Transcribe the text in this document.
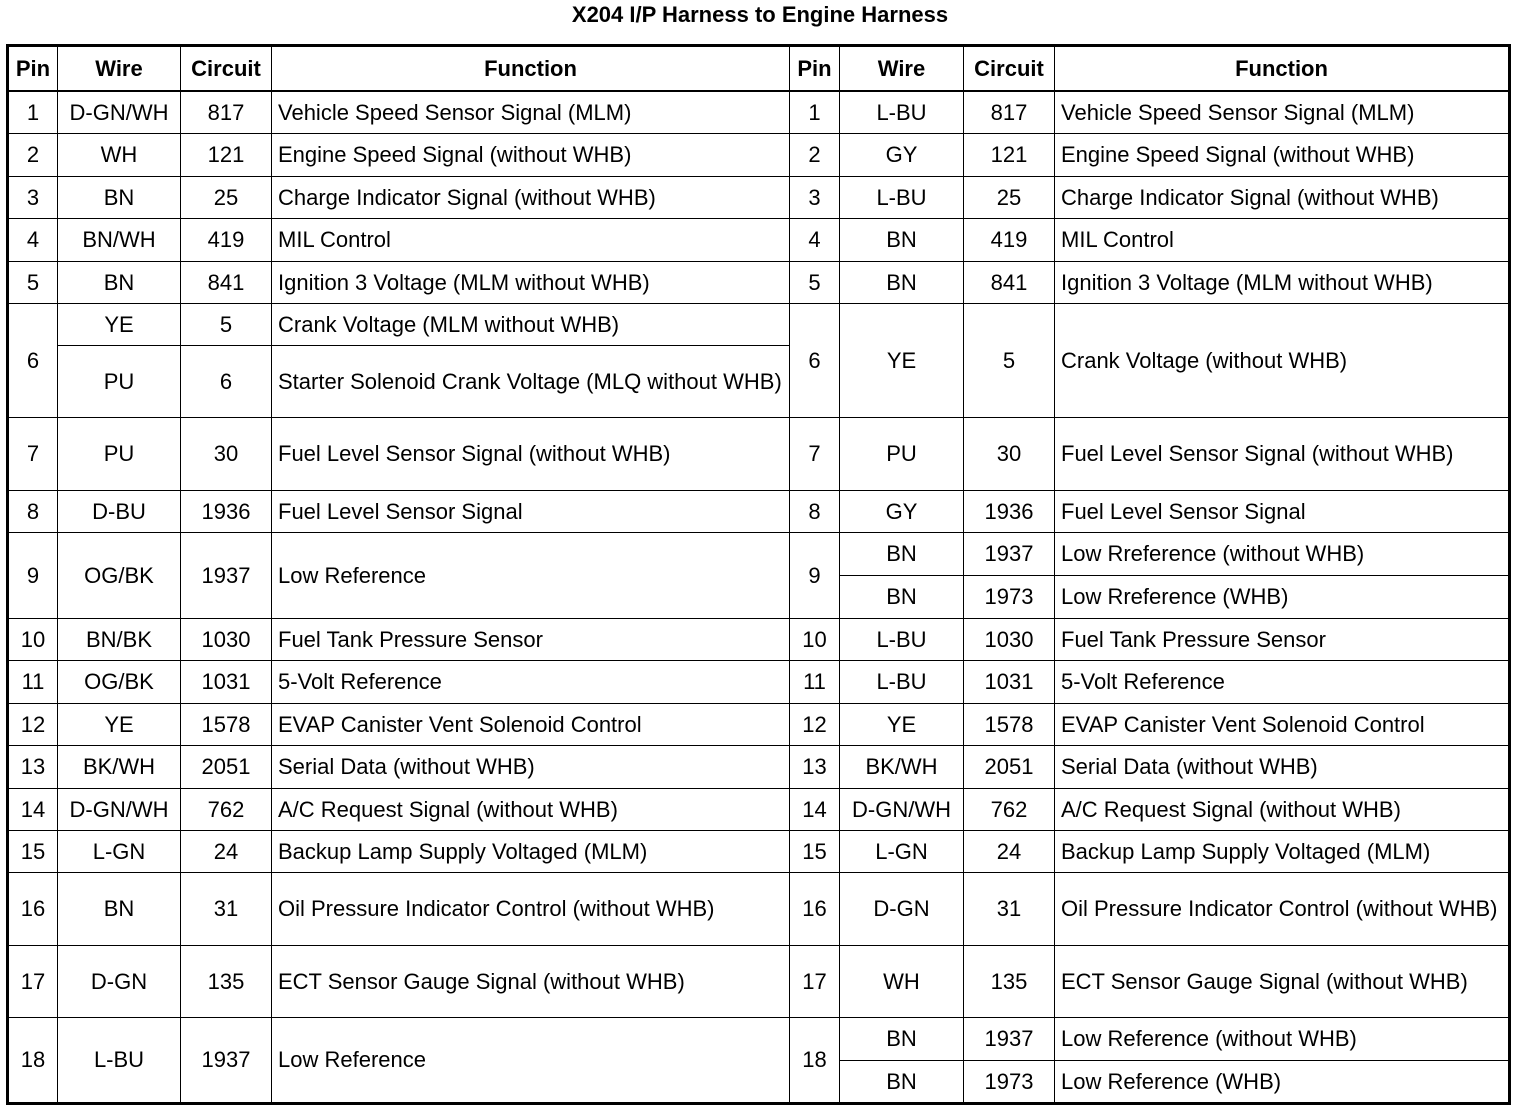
X204 I/P Harness to Engine Harness
Pin	Wire	Circuit	Function	Pin	Wire	Circuit	Function
1	D-GN/WH	817	Vehicle Speed Sensor Signal (MLM)	1	L-BU	817	Vehicle Speed Sensor Signal (MLM)
2	WH	121	Engine Speed Signal (without WHB)	2	GY	121	Engine Speed Signal (without WHB)
3	BN	25	Charge Indicator Signal (without WHB)	3	L-BU	25	Charge Indicator Signal (without WHB)
4	BN/WH	419	MIL Control	4	BN	419	MIL Control
5	BN	841	Ignition 3 Voltage (MLM without WHB)	5	BN	841	Ignition 3 Voltage (MLM without WHB)
6	YE	5	Crank Voltage (MLM without WHB)	6	YE	5	Crank Voltage (without WHB)
	PU	6	Starter Solenoid Crank Voltage (MLQ without WHB)				
7	PU	30	Fuel Level Sensor Signal (without WHB)	7	PU	30	Fuel Level Sensor Signal (without WHB)
8	D-BU	1936	Fuel Level Sensor Signal	8	GY	1936	Fuel Level Sensor Signal
9	OG/BK	1937	Low Reference	9	BN	1937	Low Rreference (without WHB)
					BN	1973	Low Rreference (WHB)
10	BN/BK	1030	Fuel Tank Pressure Sensor	10	L-BU	1030	Fuel Tank Pressure Sensor
11	OG/BK	1031	5-Volt Reference	11	L-BU	1031	5-Volt Reference
12	YE	1578	EVAP Canister Vent Solenoid Control	12	YE	1578	EVAP Canister Vent Solenoid Control
13	BK/WH	2051	Serial Data (without WHB)	13	BK/WH	2051	Serial Data (without WHB)
14	D-GN/WH	762	A/C Request Signal (without WHB)	14	D-GN/WH	762	A/C Request Signal (without WHB)
15	L-GN	24	Backup Lamp Supply Voltaged (MLM)	15	L-GN	24	Backup Lamp Supply Voltaged (MLM)
16	BN	31	Oil Pressure Indicator Control (without WHB)	16	D-GN	31	Oil Pressure Indicator Control (without WHB)
17	D-GN	135	ECT Sensor Gauge Signal (without WHB)	17	WH	135	ECT Sensor Gauge Signal (without WHB)
18	L-BU	1937	Low Reference	18	BN	1937	Low Reference (without WHB)
					BN	1973	Low Reference (WHB)
